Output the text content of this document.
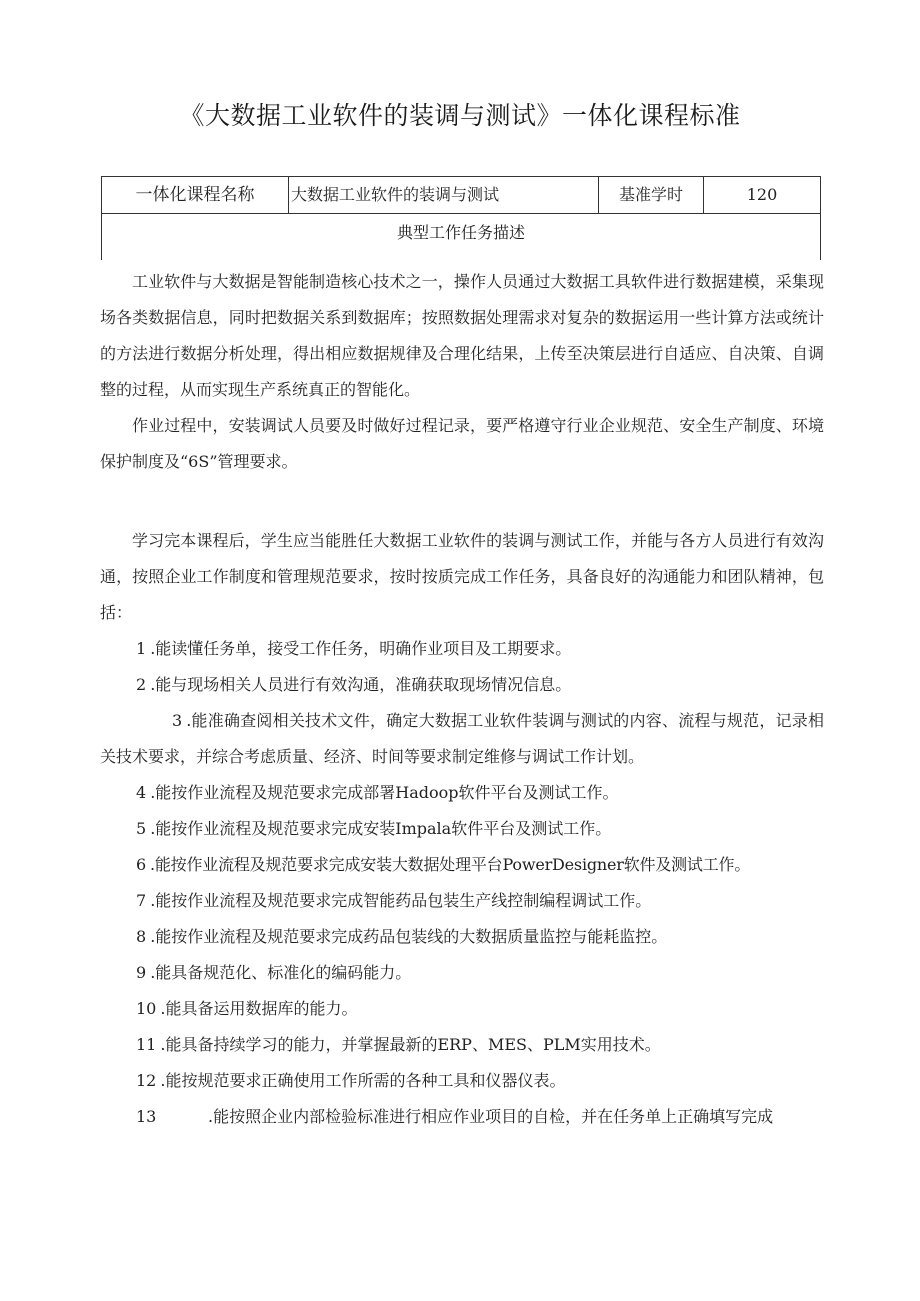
《大数据工业软件的装调与测试》一体化课程标准
一体化课程名称	大数据工业软件的装调与测试	基准学时	120
典型工作任务描述

工业软件与大数据是智能制造核心技术之一，操作人员通过大数据工具软件进行数据建模，采集现场各类数据信息，同时把数据关系到数据库；按照数据处理需求对复杂的数据运用一些计算方法或统计的方法进行数据分析处理，得出相应数据规律及合理化结果，上传至决策层进行自适应、自决策、自调整的过程，从而实现生产系统真正的智能化。

作业过程中，安装调试人员要及时做好过程记录，要严格遵守行业企业规范、安全生产制度、环境保护制度及“6S”管理要求。

学习完本课程后，学生应当能胜任大数据工业软件的装调与测试工作，并能与各方人员进行有效沟通，按照企业工作制度和管理规范要求，按时按质完成工作任务，具备良好的沟通能力和团队精神，包括：

1 .能读懂任务单，接受工作任务，明确作业项目及工期要求。

2 .能与现场相关人员进行有效沟通，准确获取现场情况信息。

3 .能准确查阅相关技术文件，确定大数据工业软件装调与测试的内容、流程与规范，记录相关技术要求，并综合考虑质量、经济、时间等要求制定维修与调试工作计划。

4 .能按作业流程及规范要求完成部署Hadoop软件平台及测试工作。

5 .能按作业流程及规范要求完成安装Impala软件平台及测试工作。

6 .能按作业流程及规范要求完成安装大数据处理平台PowerDesigner软件及测试工作。

7 .能按作业流程及规范要求完成智能药品包装生产线控制编程调试工作。

8 .能按作业流程及规范要求完成药品包装线的大数据质量监控与能耗监控。

9 .能具备规范化、标准化的编码能力。

10 .能具备运用数据库的能力。

11 .能具备持续学习的能力，并掌握最新的ERP、MES、PLM实用技术。

12 .能按规范要求正确使用工作所需的各种工具和仪器仪表。

13	.能按照企业内部检验标准进行相应作业项目的自检，并在任务单上正确填写完成
